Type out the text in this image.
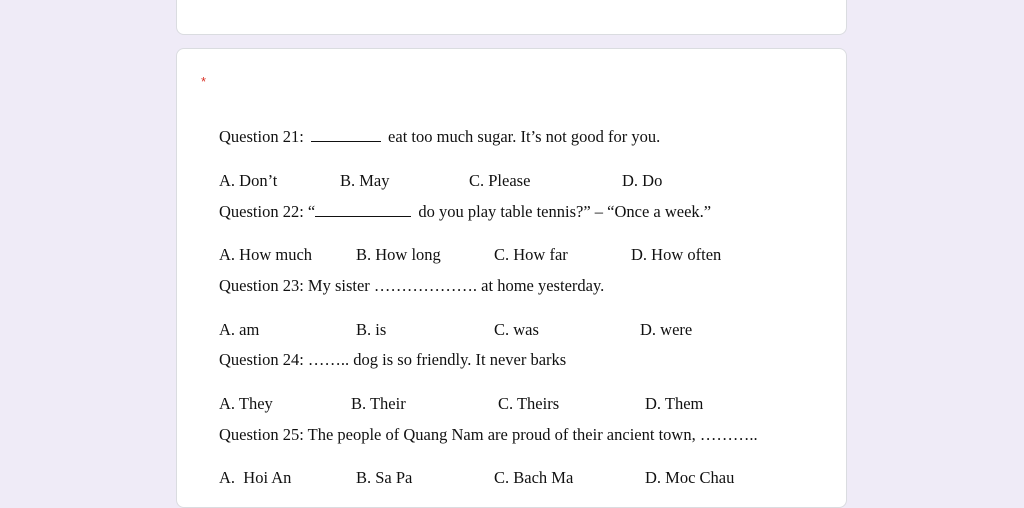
*
Question 21:	eat too much sugar. It’s not good for you.
A. Don’t	B. May	C. Please	D. Do
Question 22: “	do you play table tennis?” – “Once a week.”
A. How much	B. How long	C. How far	D. How often
Question 23: My sister ………………. at home yesterday.
A. am	B. is	C. was	D. were
Question 24: …….. dog is so friendly. It never barks
A. They	B. Their	C. Theirs	D. Them
Question 25: The people of Quang Nam are proud of their ancient town, ………..
A.  Hoi An	B. Sa Pa	C. Bach Ma	D. Moc Chau
